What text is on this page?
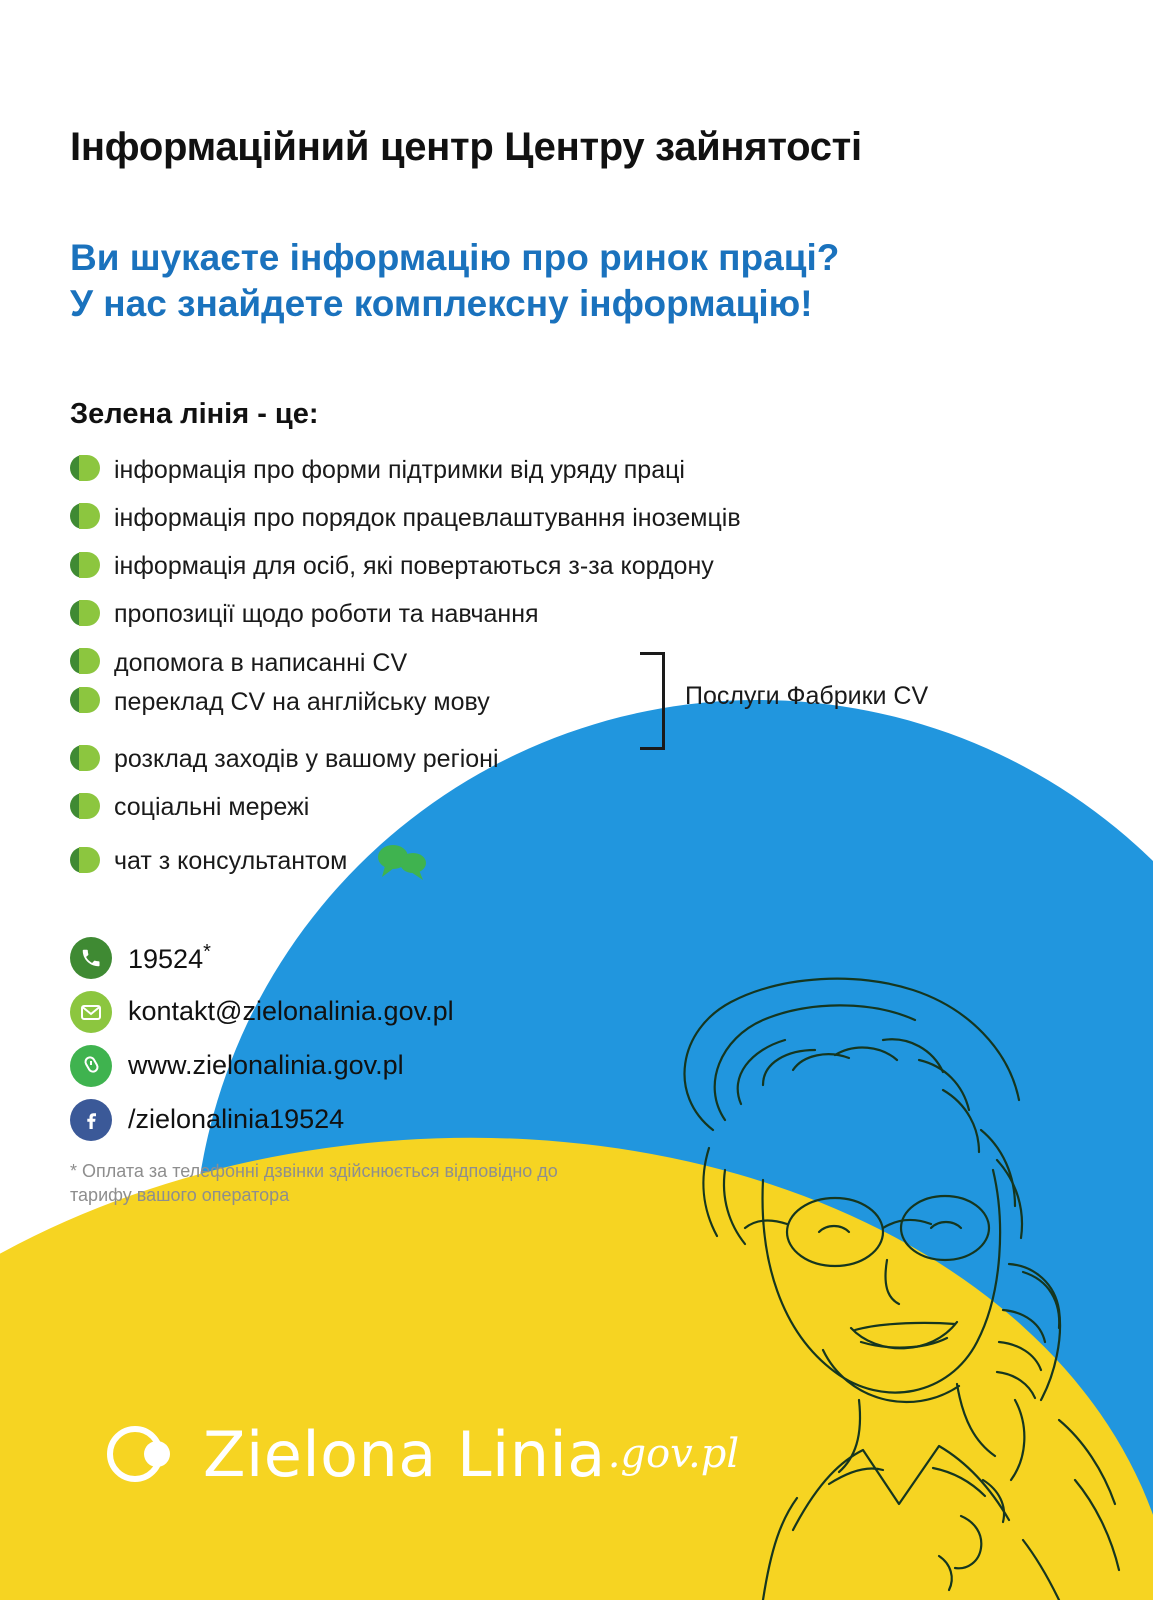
Інформаційний центр Центру зайнятості
Ви шукаєте інформацію про ринок праці?
У нас знайдете комплексну інформацію!
Зелена лінія - це:
інформація про форми підтримки від уряду праці
інформація про порядок працевлаштування іноземців
інформація для осіб, які повертаються з-за кордону
пропозиції щодо роботи та навчання
допомога в написанні CV
переклад CV на англійську мову	Послуги Фабрики CV
розклад заходів у вашому регіоні
соціальні мережі
чат з консультантом
19524*
kontakt@zielonalinia.gov.pl
www.zielonalinia.gov.pl
/zielonalinia19524
* Оплата за телефонні дзвінки здійснюється відповідно до тарифу вашого оператора
Zielona Linia .gov.pl
